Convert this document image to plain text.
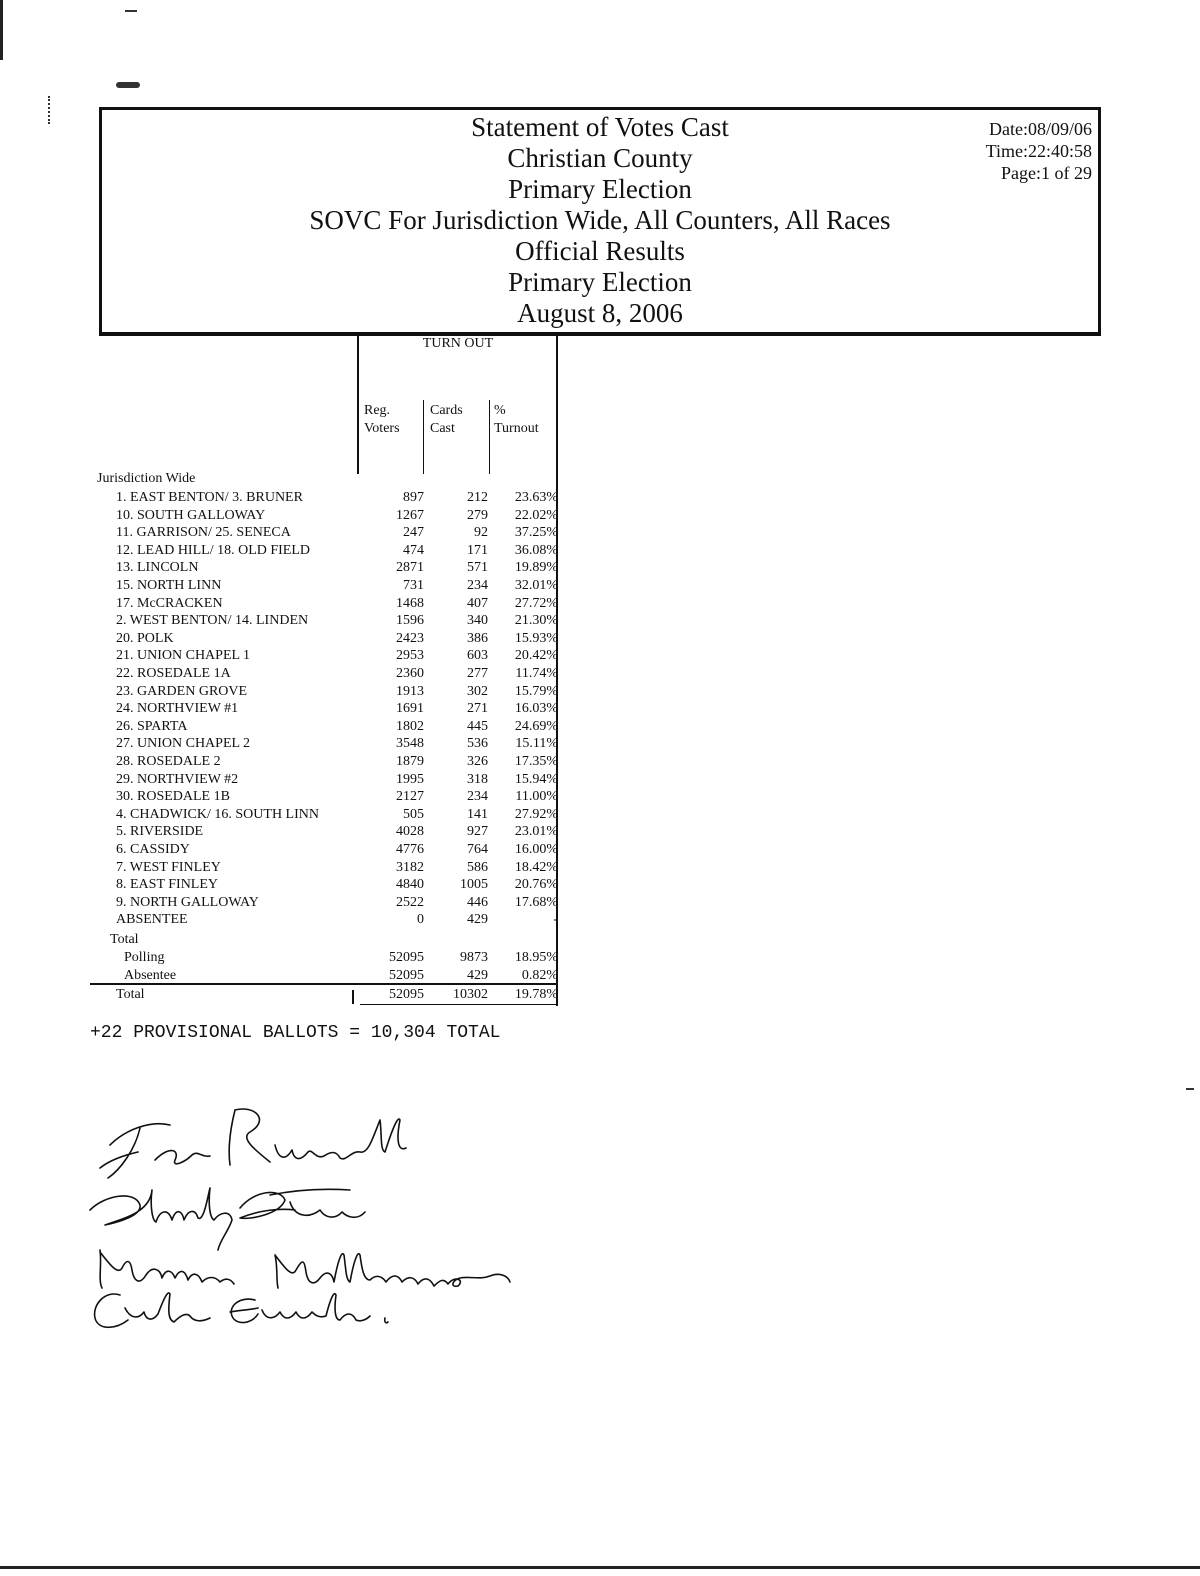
Statement of Votes Cast
Christian County
Primary Election
SOVC For Jurisdiction Wide, All Counters, All Races
Official Results
Primary Election
August 8, 2006
Date:08/09/06
Time:22:40:58
Page:1 of 29
TURN OUT
Reg.
Voters
Cards
Cast
%
Turnout
Jurisdiction Wide
1. EAST BENTON/ 3. BRUNER	897	212 23.63%
10. SOUTH GALLOWAY	1267	279 22.02%
11. GARRISON/ 25. SENECA	247	92 37.25%
12. LEAD HILL/ 18. OLD FIELD	474	171 36.08%
13. LINCOLN	2871	571 19.89%
15. NORTH LINN	731	234 32.01%
17. McCRACKEN	1468	407 27.72%
2. WEST BENTON/ 14. LINDEN	1596	340 21.30%
20. POLK	2423	386 15.93%
21. UNION CHAPEL 1	2953	603 20.42%
22. ROSEDALE 1A	2360	277 11.74%
23. GARDEN GROVE	1913	302 15.79%
24. NORTHVIEW #1	1691	271 16.03%
26. SPARTA	1802	445 24.69%
27. UNION CHAPEL 2	3548	536 15.11%
28. ROSEDALE 2	1879	326 17.35%
29. NORTHVIEW #2	1995	318 15.94%
30. ROSEDALE 1B	2127	234 11.00%
4. CHADWICK/ 16. SOUTH LINN	505	141 27.92%
5. RIVERSIDE	4028	927 23.01%
6. CASSIDY	4776	764 16.00%
7. WEST FINLEY	3182	586 18.42%
8. EAST FINLEY	4840	1005 20.76%
9. NORTH GALLOWAY	2522	446 17.68%
ABSENTEE	0	429	-
Total
Polling	52095	9873 18.95%
Absentee	52095	429 0.82%
Total	52095 10302 19.78%
+22 PROVISIONAL BALLOTS = 10,304 TOTAL
